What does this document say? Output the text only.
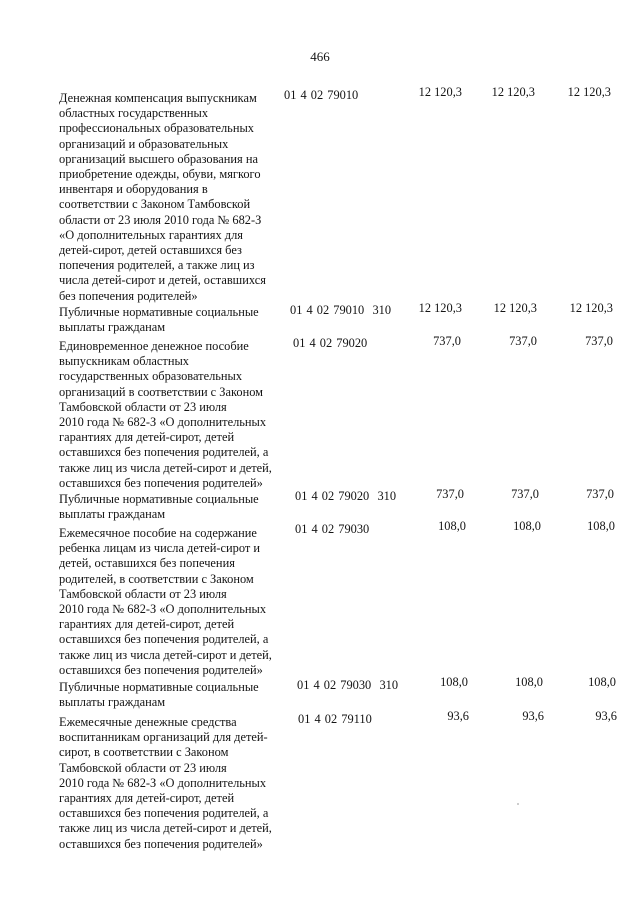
466
Денежная компенсация выпускникам
областных государственных
профессиональных образовательных
организаций и образовательных
организаций высшего образования на
приобретение одежды, обуви, мягкого
инвентаря и оборудования в
соответствии с Законом Тамбовской
области от 23 июля 2010 года № 682-З
«О дополнительных гарантиях для
детей-сирот, детей оставшихся без
попечения родителей, а также лиц из
числа детей-сирот и детей, оставшихся
без попечения родителей»
01 4 02 79010	12 120,3	12 120,3	12 120,3
Публичные нормативные социальные
выплаты гражданам
01 4 02 79010  310	12 120,3	12 120,3	12 120,3
Единовременное денежное пособие
выпускникам областных
государственных образовательных
организаций в соответствии с Законом
Тамбовской области от 23 июля
2010 года № 682-З «О дополнительных
гарантиях для детей-сирот, детей
оставшихся без попечения родителей, а
также лиц из числа детей-сирот и детей,
оставшихся без попечения родителей»
01 4 02 79020	737,0	737,0	737,0
Публичные нормативные социальные
выплаты гражданам
01 4 02 79020  310	737,0	737,0	737,0
Ежемесячное пособие на содержание
ребенка лицам из числа детей-сирот и
детей, оставшихся без попечения
родителей, в соответствии с Законом
Тамбовской области от 23 июля
2010 года № 682-З «О дополнительных
гарантиях для детей-сирот, детей
оставшихся без попечения родителей, а
также лиц из числа детей-сирот и детей,
оставшихся без попечения родителей»
01 4 02 79030	108,0	108,0	108,0
Публичные нормативные социальные
выплаты гражданам
01 4 02 79030  310	108,0	108,0	108,0
Ежемесячные денежные средства
воспитанникам организаций для детей-
сирот, в соответствии с Законом
Тамбовской области от 23 июля
2010 года № 682-З «О дополнительных
гарантиях для детей-сирот, детей
оставшихся без попечения родителей, а
также лиц из числа детей-сирот и детей,
оставшихся без попечения родителей»
01 4 02 79110	93,6	93,6	93,6
